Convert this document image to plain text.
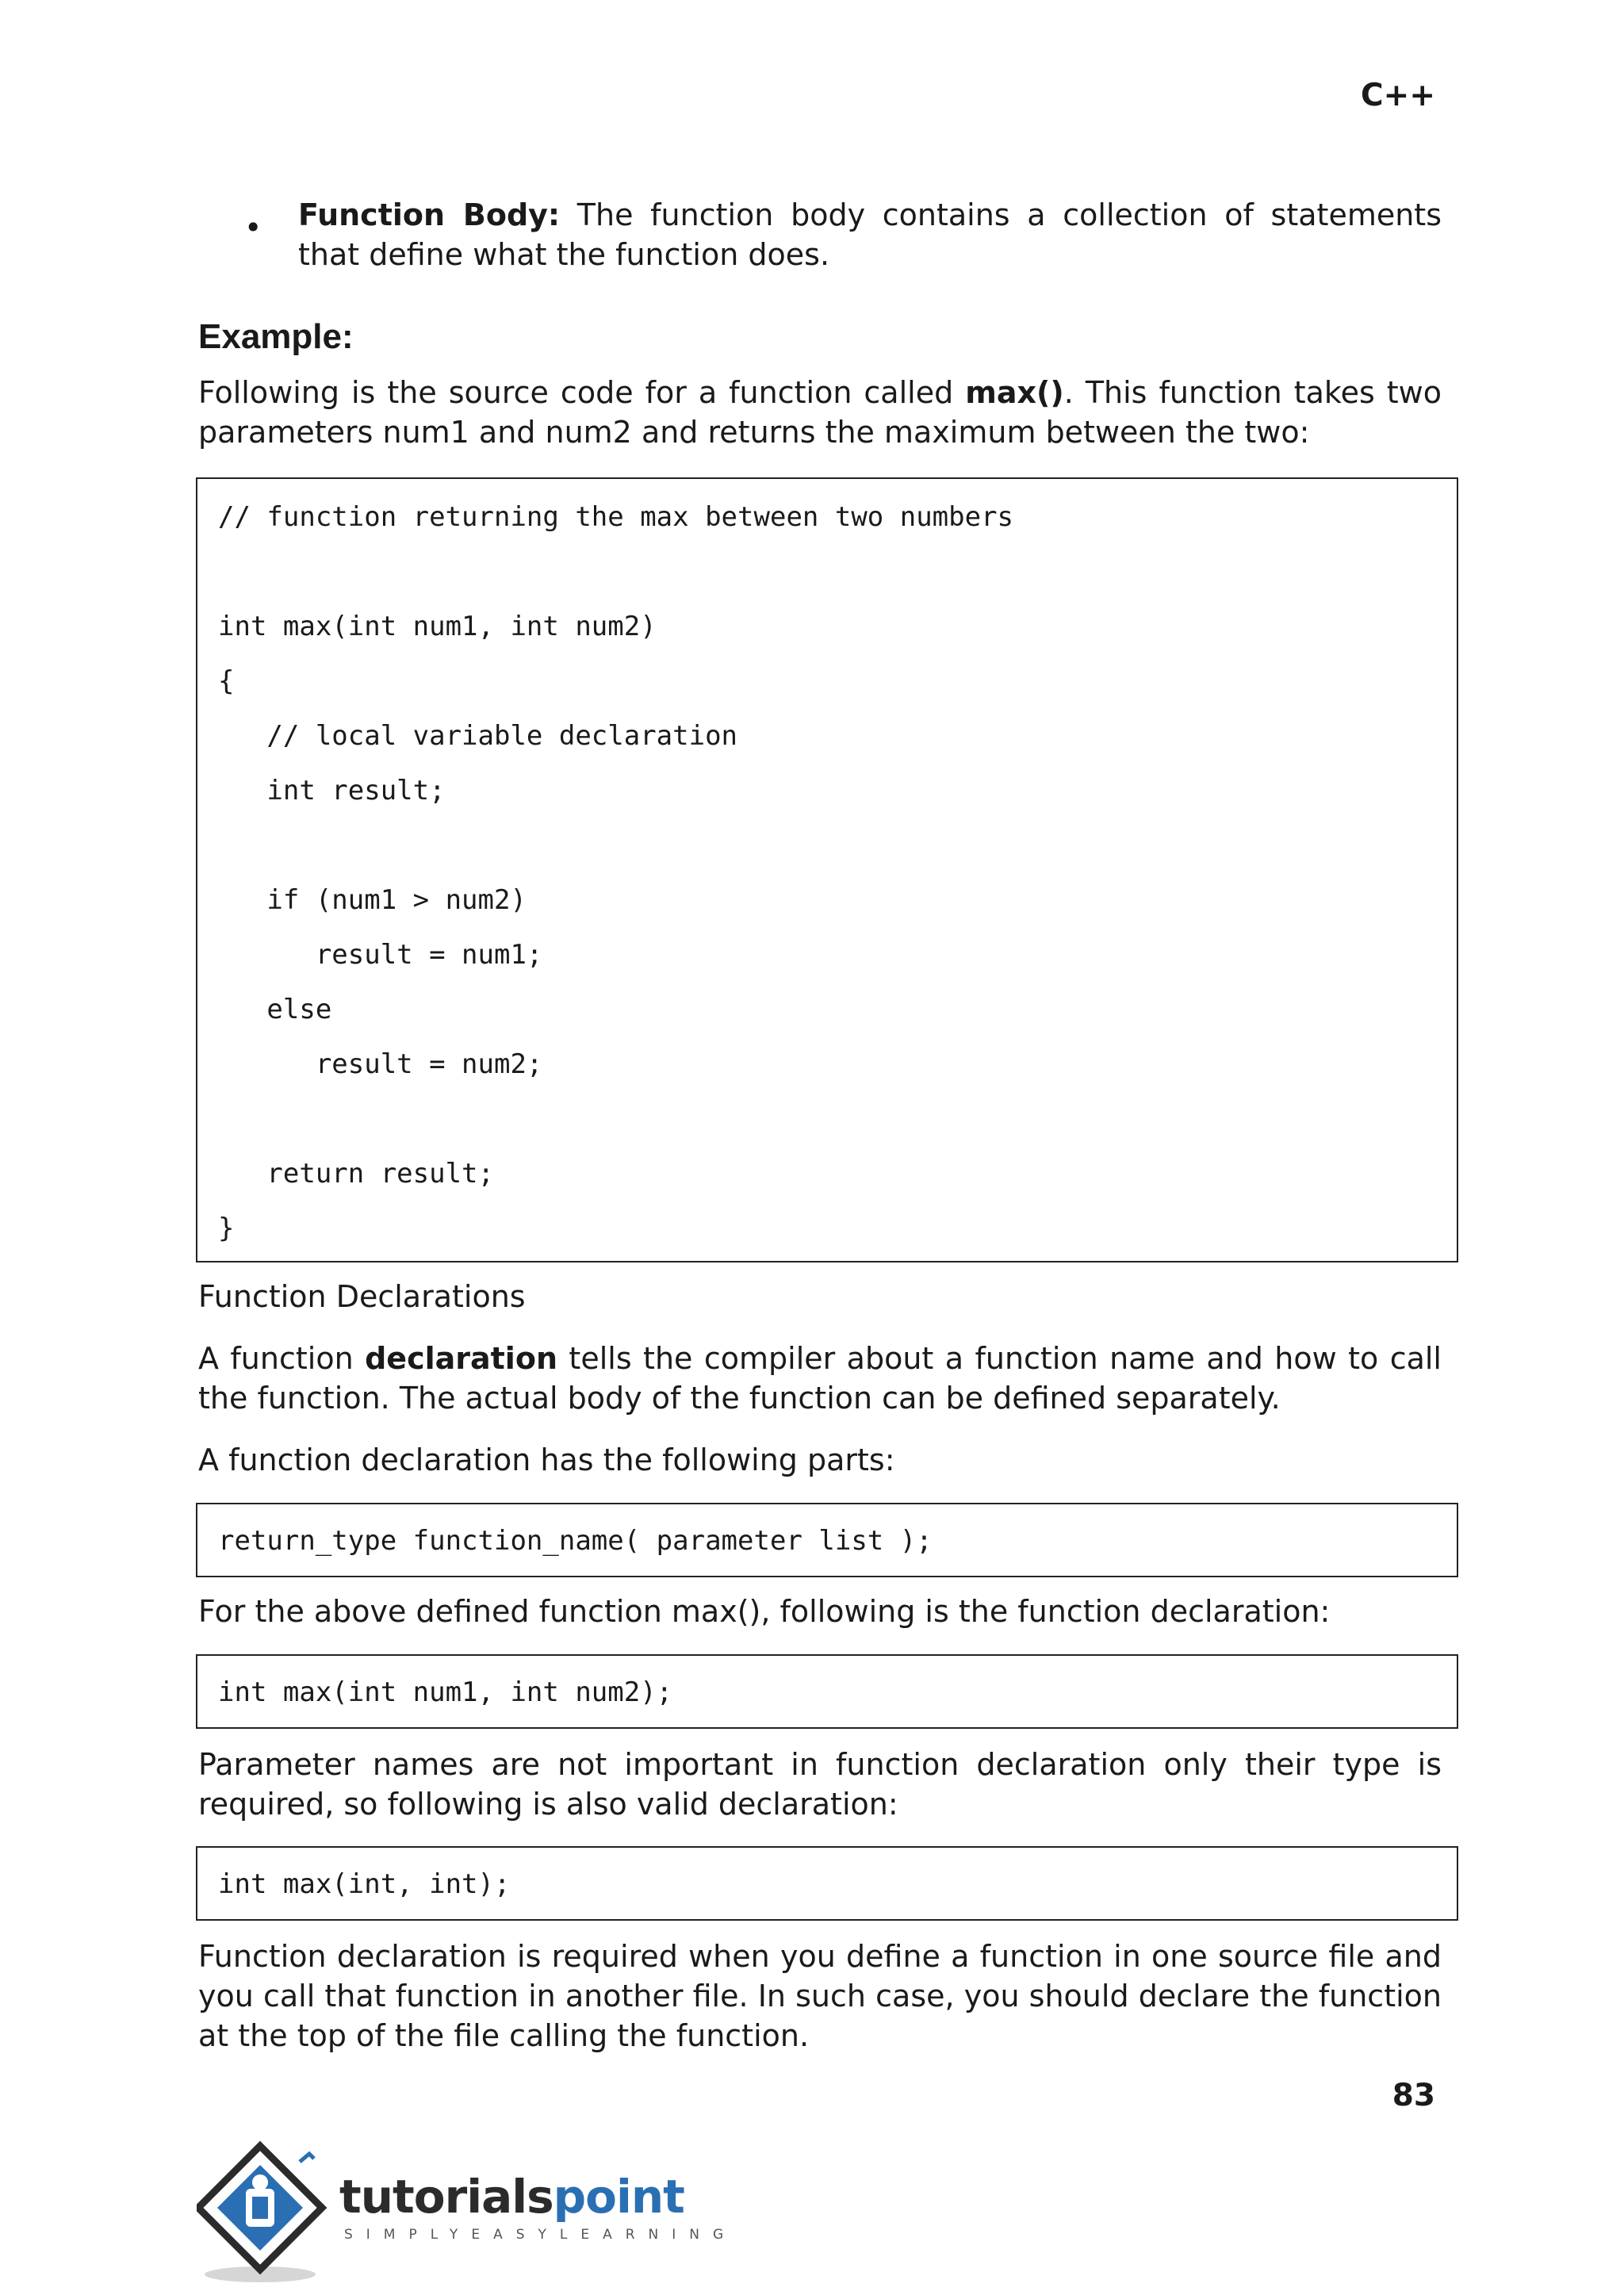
C++
• Function Body: The function body contains a collection of statements that define what the function does.
Example:
Following is the source code for a function called max(). This function takes two parameters num1 and num2 and returns the maximum between the two:
// function returning the max between two numbers
int max(int num1, int num2)
{
// local variable declaration
int result;
if (num1 > num2)
result = num1;
else
result = num2;
return result;
}
Function Declarations
A function declaration tells the compiler about a function name and how to call the function. The actual body of the function can be defined separately.
A function declaration has the following parts:
return_type function_name( parameter list );
For the above defined function max(), following is the function declaration:
int max(int num1, int num2);
Parameter names are not important in function declaration only their type is required, so following is also valid declaration:
int max(int, int);
Function declaration is required when you define a function in one source file and you call that function in another file. In such case, you should declare the function at the top of the file calling the function.
83
tutorialspoint
SIMPLYEASYLEARNING
